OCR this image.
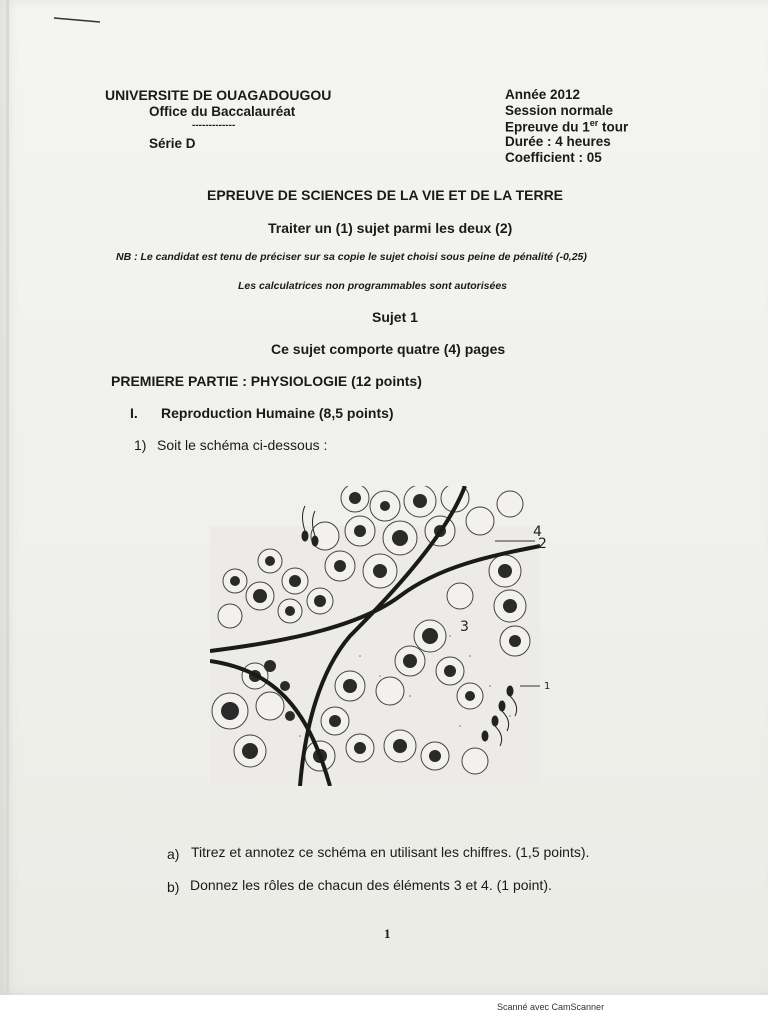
UNIVERSITE DE OUAGADOUGOU
Office du Baccalauréat
-------------
Série D
Année 2012
Session normale
Epreuve du 1er tour
Durée : 4 heures
Coefficient : 05
EPREUVE DE SCIENCES DE LA VIE ET DE LA TERRE
Traiter un (1) sujet parmi les deux (2)
NB : Le candidat est tenu de préciser sur sa copie le sujet choisi sous peine de pénalité (-0,25)
Les calculatrices non programmables sont autorisées
Sujet 1
Ce sujet comporte quatre (4) pages
PREMIERE PARTIE : PHYSIOLOGIE (12 points)
I. Reproduction Humaine (8,5 points)
1) Soit le schéma ci-dessous :
2
4
3
1
a) Titrez et annotez ce schéma en utilisant les chiffres. (1,5 points).
b) Donnez les rôles de chacun des éléments 3 et 4. (1 point).
1
Scanné avec CamScanner
